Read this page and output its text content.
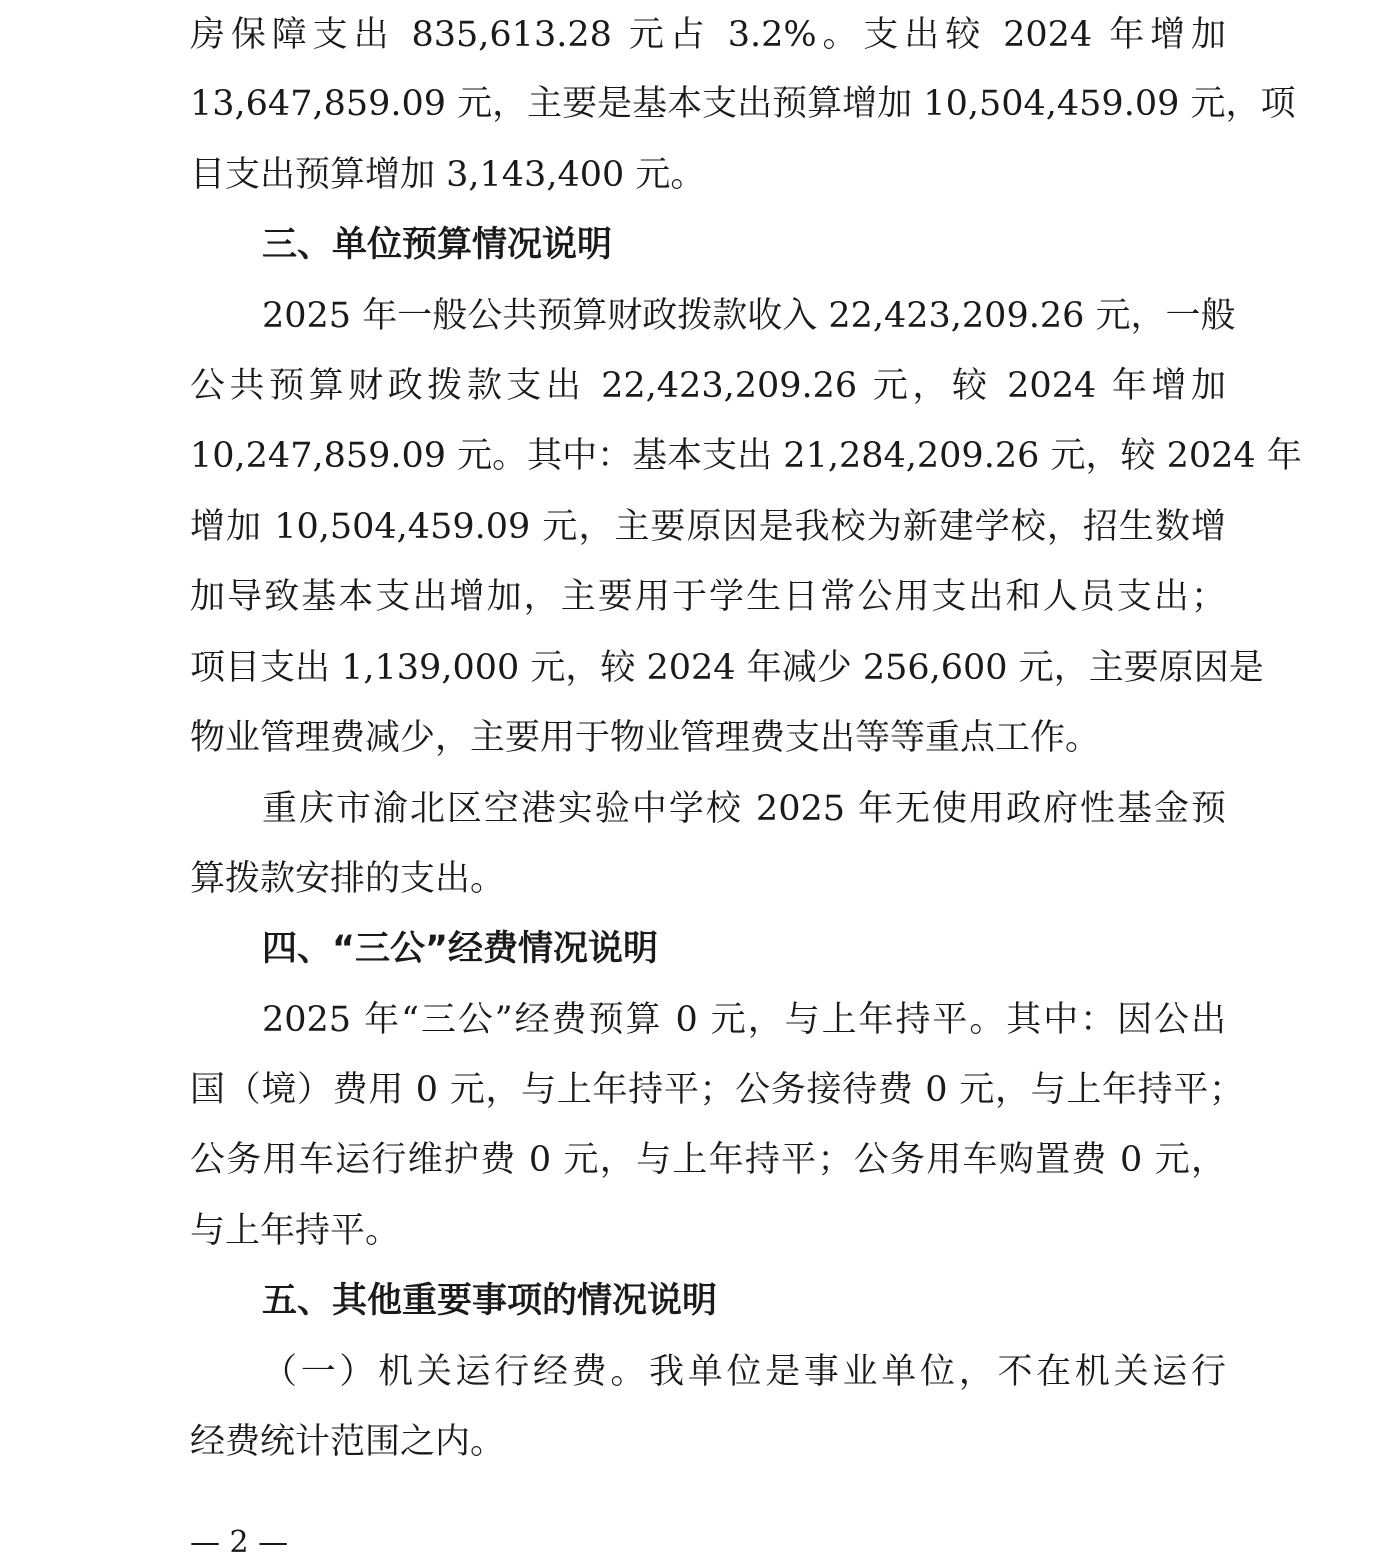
房保障支出 835,613.28 元占 3.2%。支出较 2024 年增加
13,647,859.09 元，主要是基本支出预算增加 10,504,459.09 元，项
目支出预算增加 3,143,400 元。
三、单位预算情况说明
2025 年一般公共预算财政拨款收入 22,423,209.26 元，一般
公共预算财政拨款支出 22,423,209.26 元，较 2024 年增加
10,247,859.09 元。其中：基本支出 21,284,209.26 元，较 2024 年
增加 10,504,459.09 元，主要原因是我校为新建学校，招生数增
加导致基本支出增加，主要用于学生日常公用支出和人员支出；
项目支出 1,139,000 元，较 2024 年减少 256,600 元，主要原因是
物业管理费减少，主要用于物业管理费支出等等重点工作。
重庆市渝北区空港实验中学校 2025 年无使用政府性基金预
算拨款安排的支出。
四、“三公”经费情况说明
2025 年“三公”经费预算 0 元，与上年持平。其中：因公出
国（境）费用 0 元，与上年持平；公务接待费 0 元，与上年持平；
公务用车运行维护费 0 元，与上年持平；公务用车购置费 0 元，
与上年持平。
五、其他重要事项的情况说明
（一）机关运行经费。我单位是事业单位，不在机关运行
经费统计范围之内。
— 2 —
